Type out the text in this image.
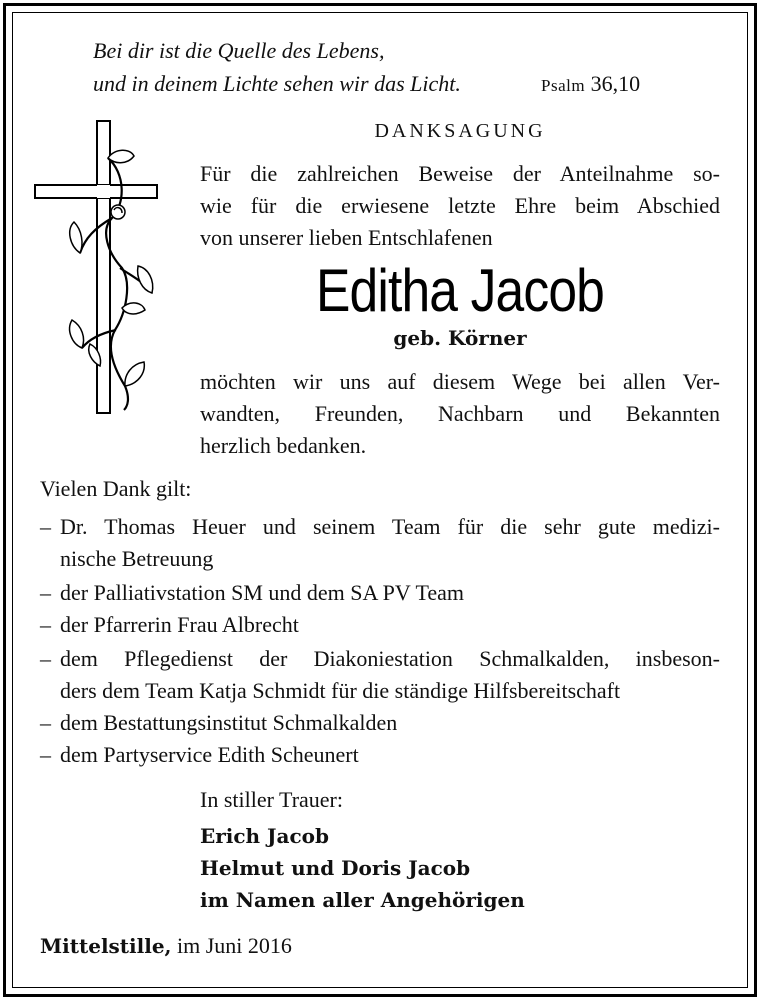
Bei dir ist die Quelle des Lebens,
und in deinem Lichte sehen wir das Licht.	Psalm 36,10
DANKSAGUNG
Für die zahlreichen Beweise der Anteilnahme so-
wie für die erwiesene letzte Ehre beim Abschied
von unserer lieben Entschlafenen
Editha Jacob
geb. Körner
möchten wir uns auf diesem Wege bei allen Ver-
wandten, Freunden, Nachbarn und Bekannten
herzlich bedanken.
Vielen Dank gilt:
– Dr. Thomas Heuer und seinem Team für die sehr gute medizi-
nische Betreuung
– der Palliativstation SM und dem SA PV Team
– der Pfarrerin Frau Albrecht
– dem Pflegedienst der Diakoniestation Schmalkalden, insbeson-
ders dem Team Katja Schmidt für die ständige Hilfsbereitschaft
– dem Bestattungsinstitut Schmalkalden
– dem Partyservice Edith Scheunert
In stiller Trauer:
Erich Jacob
Helmut und Doris Jacob
im Namen aller Angehörigen
Mittelstille, im Juni 2016
